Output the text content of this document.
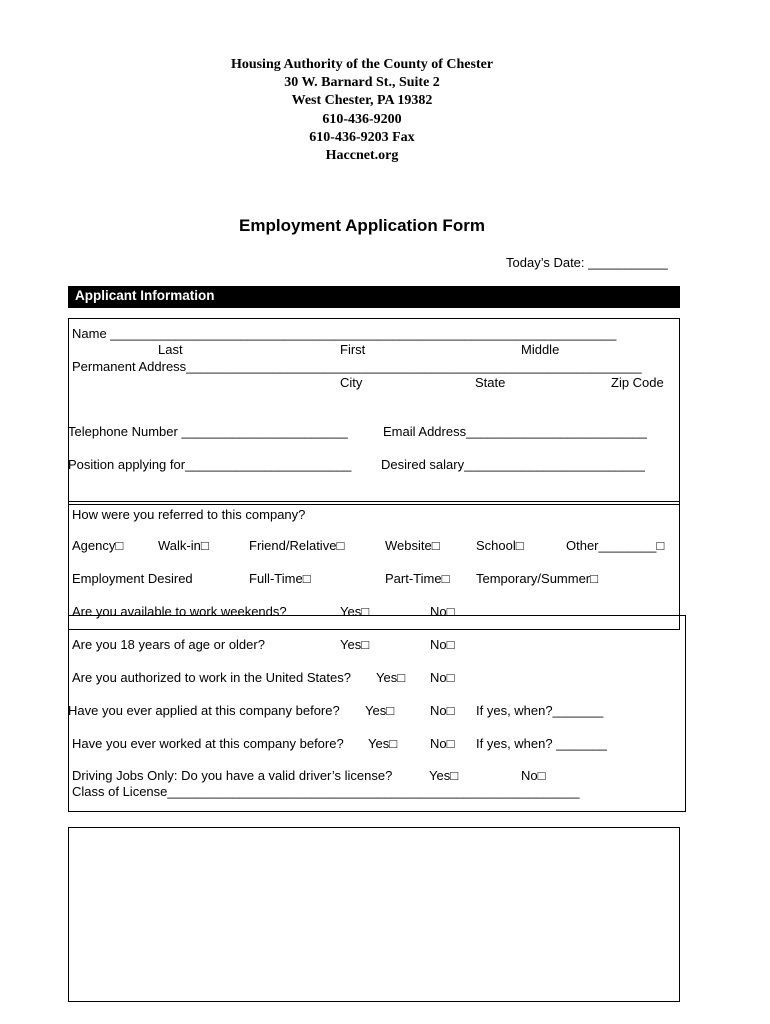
Housing Authority of the County of Chester
30 W. Barnard St., Suite 2
West Chester, PA 19382
610-436-9200
610-436-9203 Fax
Haccnet.org
Employment Application Form
Today’s Date: ___________
Applicant Information
Name ______________________________________________________________________
Last	First	Middle
Permanent Address_______________________________________________________________
City	State	Zip Code
Telephone Number _______________________	Email Address_________________________
Position applying for_______________________ Desired salary_________________________
How were you referred to this company?
Agency□	Walk-in□	Friend/Relative□	Website□	School□	Other________□
Employment Desired	Full-Time□	Part-Time□ Temporary/Summer□
Are you available to work weekends?	Yes□	No□
Are you 18 years of age or older?	Yes□	No□
Are you authorized to work in the United States? Yes□ No□
Have you ever applied at this company before? Yes□	No□ If yes, when?_______
Have you ever worked at this company before? Yes□	No□ If yes, when? _______
Driving Jobs Only: Do you have a valid driver’s license?	Yes□	No□
Class of License_________________________________________________________
